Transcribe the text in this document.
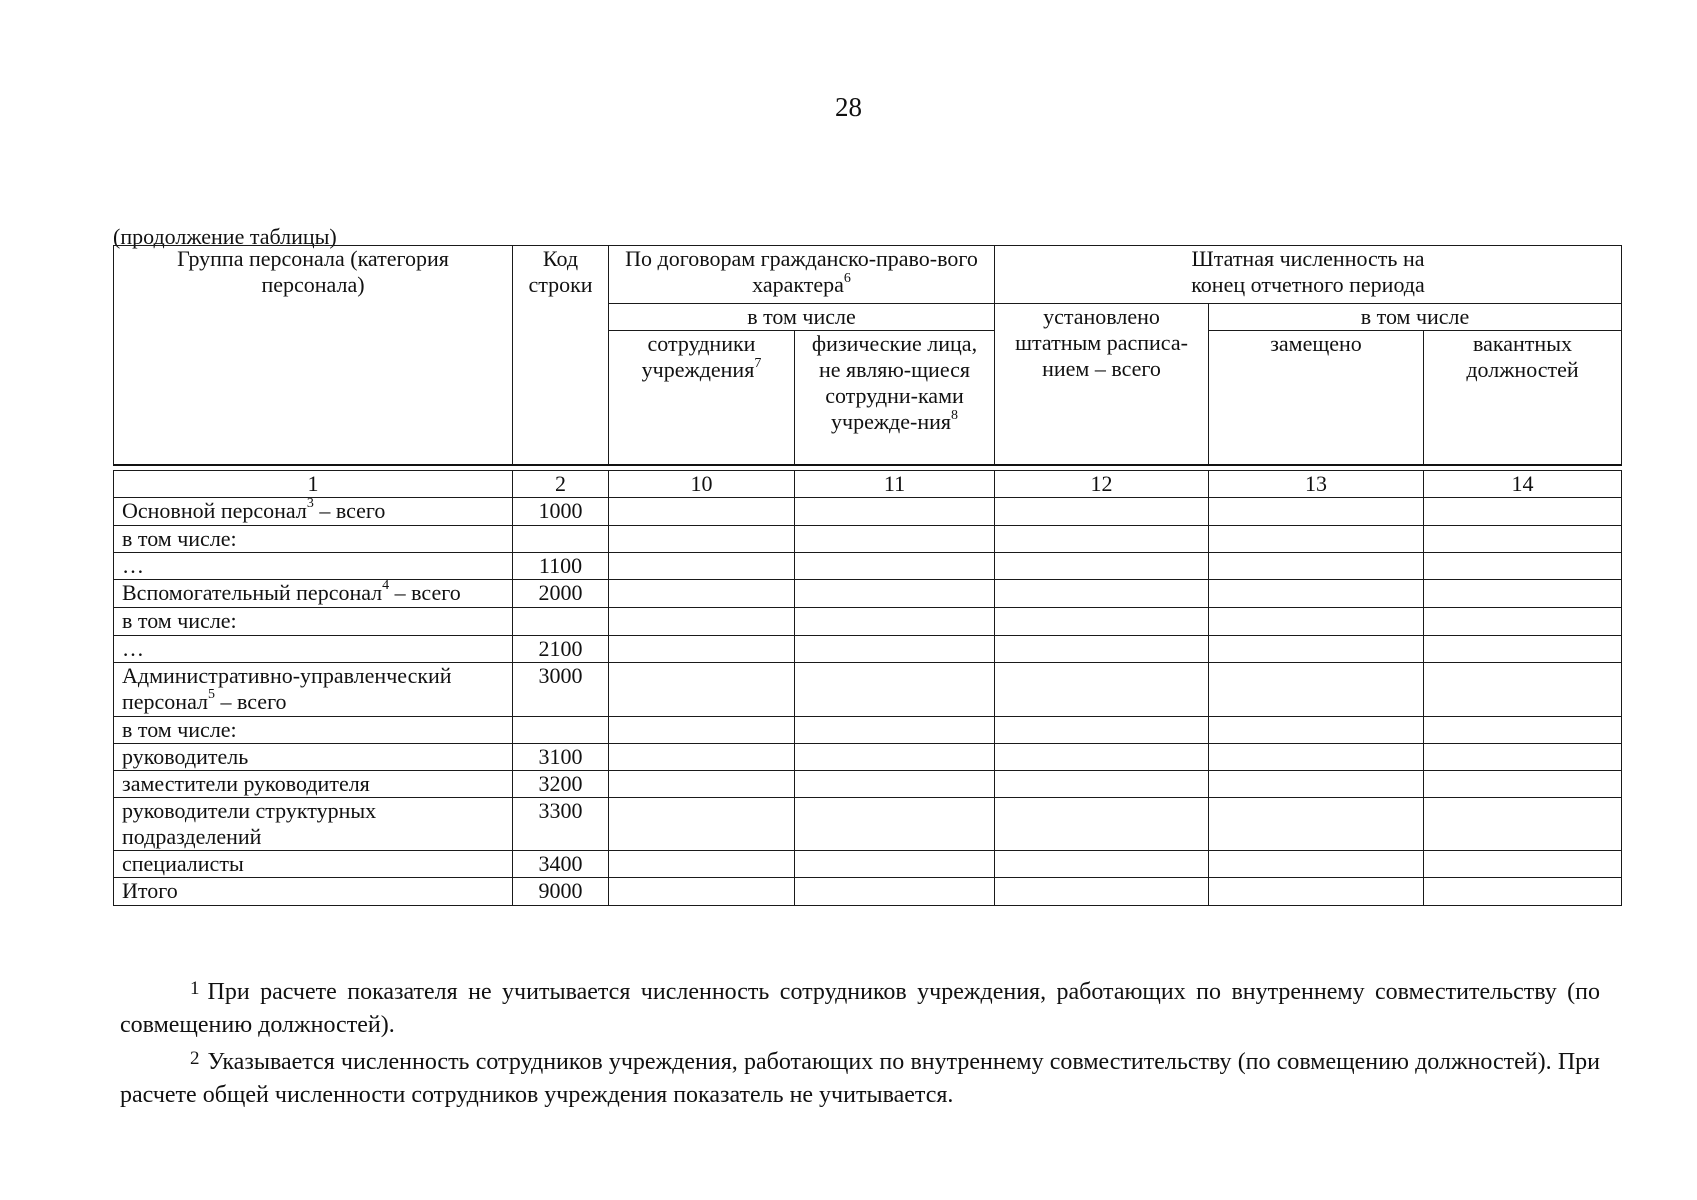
28
(продолжение таблицы)
Группа персонала (категория персонала)	Код строки	По договорам гражданско-право-вого характера$^6$		Штатная численность на конец отчетного периода		
		в том числе		установлено штатным расписа-нием – всего	в том числе	
		сотрудники учреждения$^7$	физические лица, не являю-щиеся сотрудни-ками учрежде-ния$^8$		замещено	вакантных должностей
1	2	10	11	12	13	14
Основной персонал$^3$ – всего	1000					
в том числе:						
…	1100					
Вспомогательный персонал$^4$ – всего	2000					
в том числе:						
…	2100					
Административно-управленческий персонал$^5$ – всего	3000					
в том числе:						
руководитель	3100					
заместители руководителя	3200					
руководители структурных подразделений	3300					
специалисты	3400					
Итого	9000					

$^1$ При расчете показателя не учитывается численность сотрудников учреждения, работающих по внутреннему совместительству (по совмещению должностей).

$^2$ Указывается численность сотрудников учреждения, работающих по внутреннему совместительству (по совмещению должностей). При расчете общей численности сотрудников учреждения показатель не учитывается.
